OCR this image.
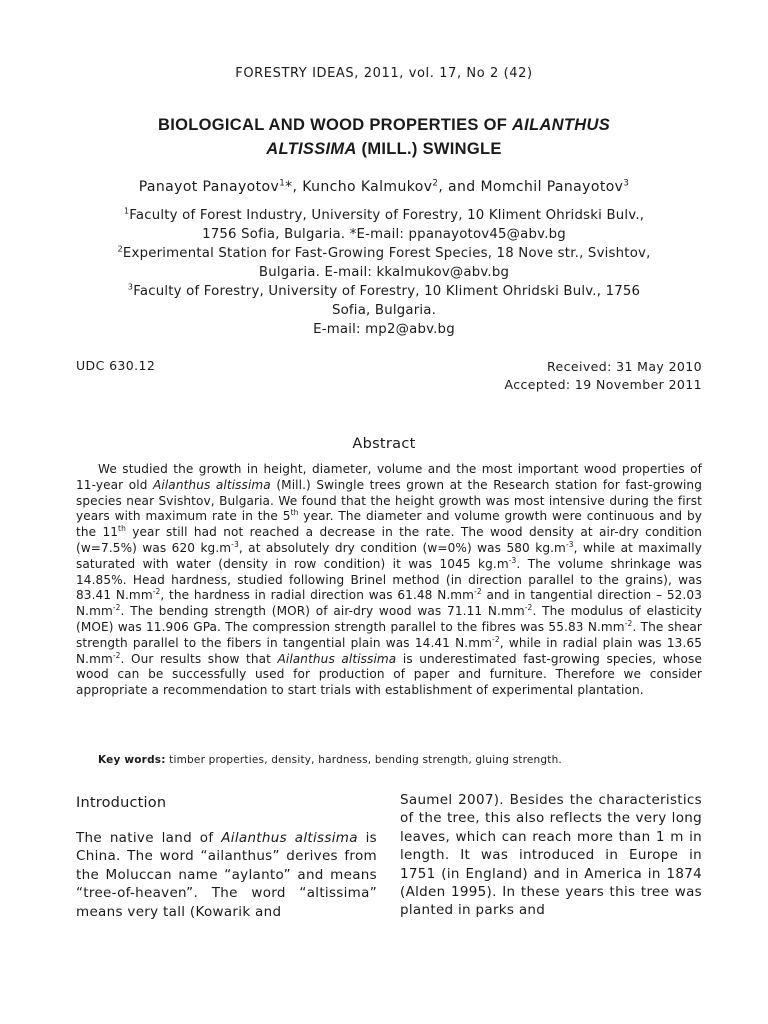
FORESTRY IDEAS, 2011, vol. 17, No 2 (42)
BIOLOGICAL AND WOOD PROPERTIES OF AILANTHUS
ALTISSIMA (MILL.) SWINGLE
Panayot Panayotov$^1$*, Kuncho Kalmukov$^2$, and Momchil Panayotov$^3$
$^1$Faculty of Forest Industry, University of Forestry, 10 Kliment Ohridski Bulv.,
1756 Sofia, Bulgaria. *E-mail: ppanayotov45@abv.bg
$^2$Experimental Station for Fast-Growing Forest Species, 18 Nove str., Svishtov,
Bulgaria. E-mail: kkalmukov@abv.bg
$^3$Faculty of Forestry, University of Forestry, 10 Kliment Ohridski Bulv., 1756
Sofia, Bulgaria.
E-mail: mp2@abv.bg
UDC 630.12	Received: 31 May 2010
Accepted: 19 November 2011
Abstract

We studied the growth in height, diameter, volume and the most important wood properties of 11-year old Ailanthus altissima (Mill.) Swingle trees grown at the Research station for fast-growing species near Svishtov, Bulgaria. We found that the height growth was most intensive during the first years with maximum rate in the 5th year. The diameter and volume growth were continuous and by the 11th year still had not reached a decrease in the rate. The wood density at air-dry condition (w=7.5%) was 620 $kg.m^{-3}$, at absolutely dry condition (w=0%) was 580 $kg.m^{-3}$, while at maximally saturated with water (density in row condition) it was 1045 $kg.m^{-3}$. The volume shrinkage was 14.85%. Head hardness, studied following Brinel method (in direction parallel to the grains), was 83.41 $N.mm^{-2}$, the hardness in radial direction was 61.48 $N.mm^{-2}$ and in tangential direction – 52.03 $N.mm^{-2}$. The bending strength (MOR) of air-dry wood was 71.11 $N.mm^{-2}$. The modulus of elasticity (MOE) was 11.906 GPa. The compression strength parallel to the fibres was 55.83 $N.mm^{-2}$. The shear strength parallel to the fibers in tangential plain was 14.41 $N.mm^{-2}$, while in radial plain was 13.65 $N.mm^{-2}$. Our results show that Ailanthus altissima is underestimated fast-growing species, whose wood can be successfully used for production of paper and furniture. Therefore we consider appropriate a recommendation to start trials with establishment of experimental plantation.

Key words: timber properties, density, hardness, bending strength, gluing strength.
Introduction

The native land of Ailanthus altissima is China. The word “ailanthus” derives from the Moluccan name “aylanto” and means “tree-of-heaven”. The word “altissima” means very tall (Kowarik and

Saumel 2007). Besides the characteristics of the tree, this also reflects the very long leaves, which can reach more than 1 m in length. It was introduced in Europe in 1751 (in England) and in America in 1874 (Alden 1995). In these years this tree was planted in parks and
